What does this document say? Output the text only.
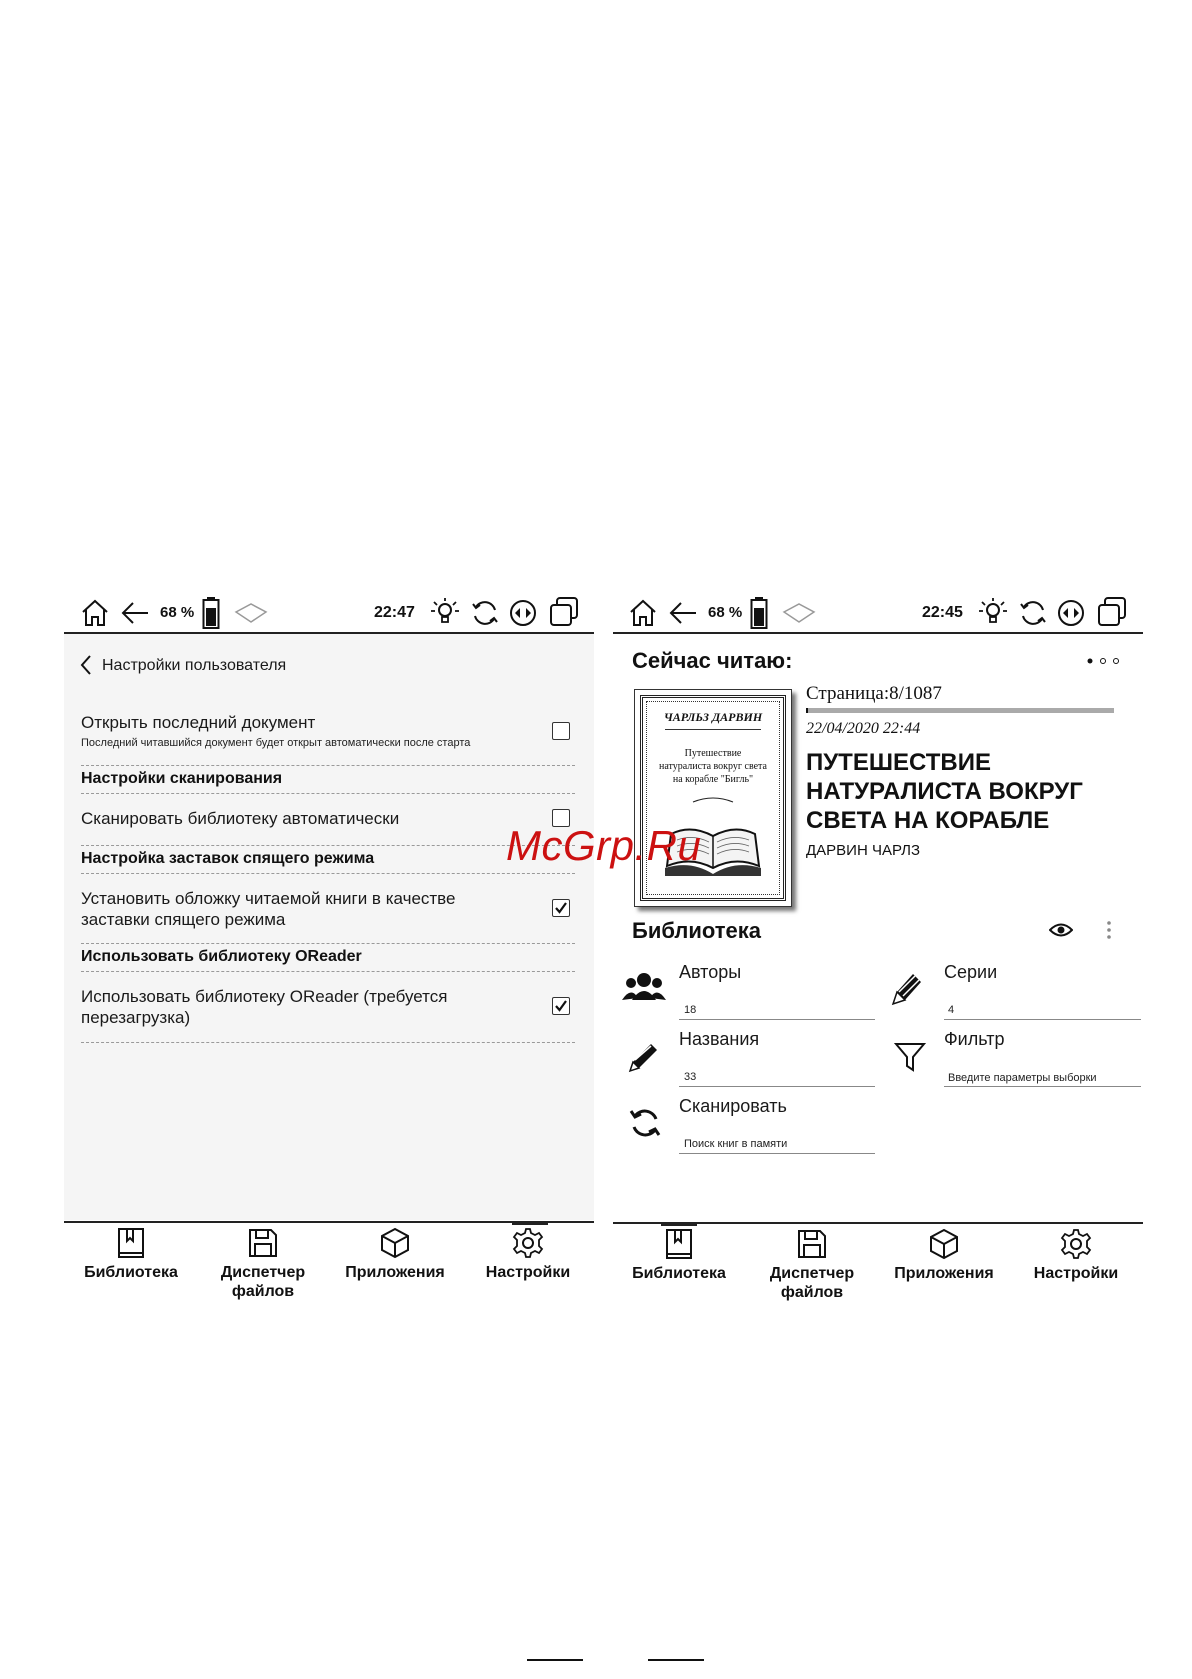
68 %	22:47
Настройки пользователя
Открыть последний документ
Последний читавшийся документ будет открыт автоматически после старта
Настройки сканирования
Сканировать библиотеку автоматически
Настройка заставок спящего режима
Установить обложку читаемой книги в качестве
заставки спящего режима
Использовать библиотеку OReader
Использовать библиотеку OReader (требуется
перезагрузка)
Библиотека	Диспетчер
файлов
Приложения	Настройки
68 %	22:45
Сейчас читаю:
ЧАРЛЬЗ ДАРВИН
Путешествие
натуралиста вокруг света
на корабле "Бигль"
Страница:8/1087
22/04/2020 22:44
ПУТЕШЕСТВИЕ
НАТУРАЛИСТА ВОКРУГ
СВЕТА НА КОРАБЛЕ
ДАРВИН ЧАРЛЗ
Библиотека
Авторы
18
Серии
4
Названия
33
Фильтр
Введите параметры выборки
Сканировать
Поиск книг в памяти
Библиотека	Диспетчер
файлов
Приложения	Настройки
McGrp.Ru
